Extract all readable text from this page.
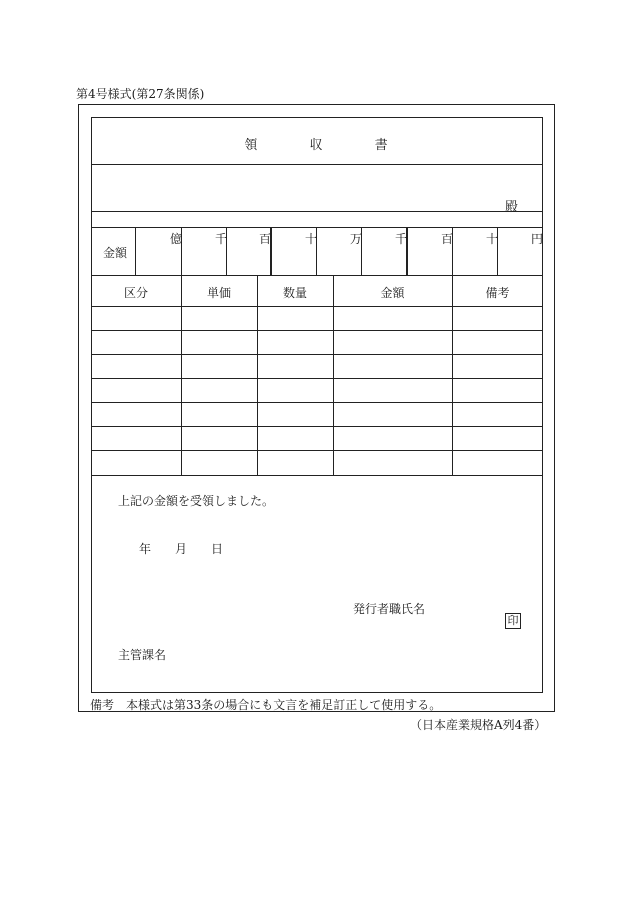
第4号様式(第27条関係)
領	収	書
殿
金額
億	千	百	十	万	千	百	十	円
区分	単価	数量	金額	備考
上記の金額を受領しました。
年 月 日
発行者職氏名
印
主管課名
備考　本様式は第33条の場合にも文言を補足訂正して使用する。
（日本産業規格A列4番）
